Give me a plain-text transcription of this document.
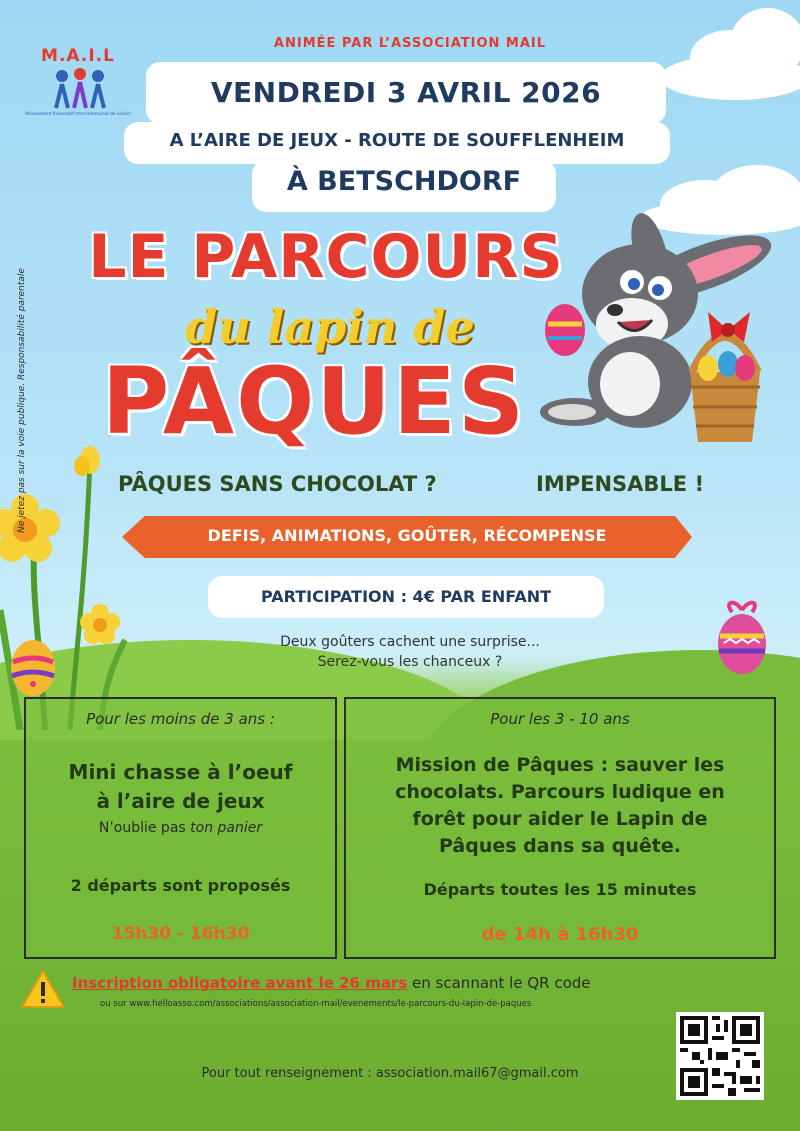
M.A.I.L
Mouvement Associatif Intercommunal de Loisirs
Ne jetez pas sur la voie publique. Responsabilité parentale
ANIMÉE PAR L’ASSOCIATION MAIL
VENDREDI 3 AVRIL 2026
A L’AIRE DE JEUX - ROUTE DE SOUFFLENHEIM
À BETSCHDORF
LE PARCOURS
du lapin de
PÂQUES
PÂQUES SANS CHOCOLAT ?	IMPENSABLE !
DEFIS, ANIMATIONS, GOÛTER, RÉCOMPENSE
PARTICIPATION : 4€ PAR ENFANT
Deux goûters cachent une surprise...
Serez-vous les chanceux ?
Pour les moins de 3 ans :
Mini chasse à l’oeuf
à l’aire de jeux
N’oublie pas ton panier
2 départs sont proposés
15h30 - 16h30
Pour les 3 - 10 ans
Mission de Pâques : sauver les
chocolats. Parcours ludique en
forêt pour aider le Lapin de
Pâques dans sa quête.
Départs toutes les 15 minutes
de 14h à 16h30
Inscription obligatoire avant le 26 mars en scannant le QR code
ou sur www.helloasso.com/associations/association-mail/evenements/le-parcours-du-lapin-de-paques
Pour tout renseignement : association.mail67@gmail.com
